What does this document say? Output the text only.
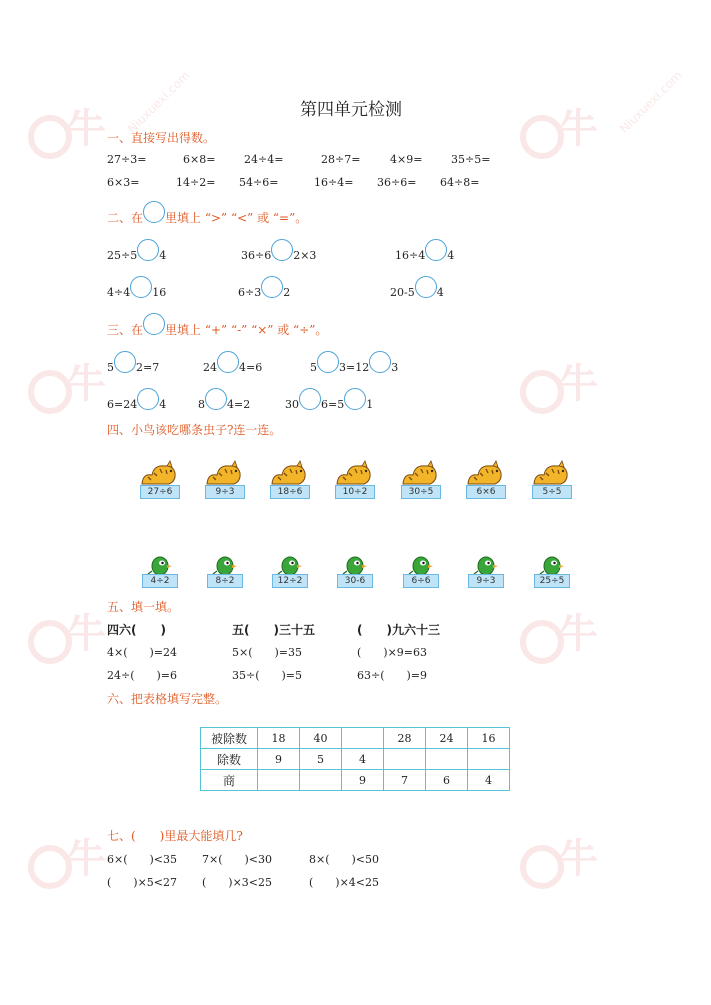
牛 Niuxuexi.com	牛 Niuxuexi.com
牛	牛
牛	牛
牛	牛
第四单元检测
一、直接写出得数。
27÷3=	6×8=	24÷4=	28÷7=	4×9=	35÷5=
6×3=	14÷2= 54÷6=	16÷4= 36÷6= 64÷8=
二、在 里填上 “>” “<” 或 “=”。
25÷5 4	36÷6 2×3	16÷4 4
4÷4 16	6÷3 2	20-5 4
三、在 里填上 “+” “-” “×” 或 “÷”。
5 2=7	24 4=6	5 3=12 3
6=24 4	8 4=2	30 6=5 1
四、小鸟该吃哪条虫子?连一连。
27÷6	9÷3	18÷6	10÷2	30÷5	6×6	5÷5
4÷2	8÷2	12÷2	30-6	6÷6	9÷3	25÷5
五、填一填。
四六(　　)	五(　　)三十五	(　　)九六十三
4×(　　)=24	5×(　　)=35	(　　)×9=63
24÷(　　)=6	35÷(　　)=5	63÷(　　)=9
六、把表格填写完整。
被除数	18	40		28	24	16
除数	9	5	4			
商			9	7	6	4
七、(　　)里最大能填几?
6×(　　)<35 7×(　　)<30	8×(　　)<50
(　　)×5<27 (　　)×3<25	(　　)×4<25
